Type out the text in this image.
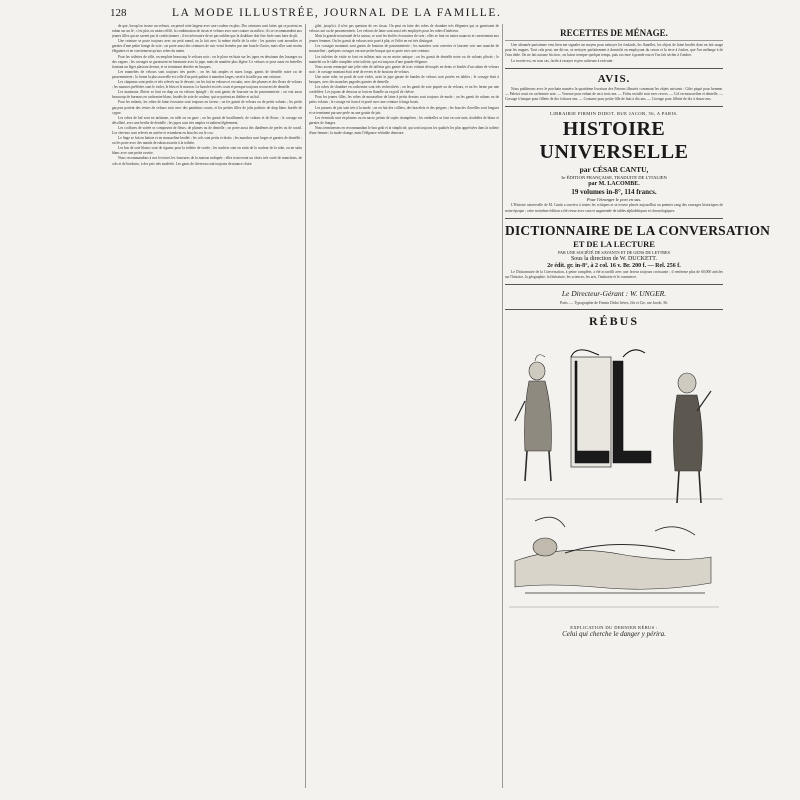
128	LA MODE ILLUSTRÉE, JOURNAL DE LA FAMILLE.

de que, lorsqu'on trouve un velours, on prend cette largeur avec une couleur en plus. Des ceintures sont faites qui se portent en ruban sur un lé ; c'est plus ou moins effilé, la combinaison de tissus et velours avec une couture au milieu ; ils se recommandent aux jeunes filles qui ne savent pas le confectionner ; il est nécessaire de ne pas oublier que la doublure doit être fixée sans faire de pli.

Une ceinture se porte toujours avec un petit nœud, on la fait avec la même étoffe de la robe ; les pointes sont arrondies et garnies d'une petite frange de soie ; on porte aussi des ceintures de cuir verni fermées par une boucle d'acier, mais elles sont moins élégantes et ne conviennent qu'aux robes du matin.

Pour les toilettes de ville, on emploie beaucoup le velours noir ; on le place en biais sur les jupes en dessinant des losanges ou des vagues ; les corsages se garnissent en harmonie avec la jupe, mais de manière plus légère. Le velours se pose aussi en bretelles formant un léger plastron devant, et se terminant derrière en basques.

Les mantelets de velours sont toujours très portés ; on les fait amples et assez longs, garnis de dentelle noire ou de passementerie ; la forme la plus nouvelle est celle d'un petit paletot à manches larges, serré à la taille par une ceinture.

Les chapeaux sont petits et très relevés sur le devant ; on les fait en velours et en satin, avec des plumes et des fleurs de velours ; les nuances préférées sont le violet, le bleu et le marron. Le bavolet est très court et presque toujours recouvert de dentelle.

Les manteaux d'hiver se font en drap ou en velours épinglé ; ils sont garnis de fourrure ou de passementerie ; on voit aussi beaucoup de burnous en cachemire blanc, brodés de soie de couleur, qui se portent au théâtre et au bal.

Pour les enfants, les robes de laine écossaise sont toujours en faveur ; on les garnit de velours ou de petits volants ; les petits garçons portent des vestes de velours noir avec des pantalons courts, et les petites filles de jolis paletots de drap blanc bordés de cygne.

Les robes de bal sont en tarlatane, en tulle ou en gaze ; on les garnit de bouillonnés, de volants et de fleurs ; le corsage est décolleté, avec une berthe de dentelle ; les jupes sont très amples et traînent légèrement.

Les coiffures de soirée se composent de fleurs, de plumes ou de dentelle ; on porte aussi des diadèmes de perles ou de corail. Les cheveux sont relevés en arrière et retombent en boucles sur le cou.

Le linge se fait en batiste et en mousseline brodée ; les cols sont petits et droits ; les manches sont larges et garnies de dentelle ; on les porte avec des nœuds de ruban assortis à la toilette.

Les bas de soie blancs sont de rigueur pour la toilette de soirée ; les souliers sont en satin de la couleur de la robe, ou en satin blanc avec une petite rosette.

Nous recommandons à nos lectrices les fourrures de la maison indiquée ; elles trouveront un choix très varié de manchons, de cols et de bordures, à des prix très modérés. Les gants de chevreau sont toujours de nuance claire.

gilet, jusqu'ici, il n'est pas question de ces tissus. On peut en faire des robes de chambre très élégantes qui se garnissent de velours uni ou de passementerie. Les velours de laine sont aussi très employés pour les robes d'intérieur.

Mais la grande nouveauté de la saison, ce sont les étoffes écossaises de soie ; elles se font en toutes nuances et conviennent aux jeunes femmes. On les garnit de velours noir posé à plat, et l'effet en est très distingué.

Les corsages montants sont garnis de boutons de passementerie ; les manches sont ouvertes et laissent voir une manche de mousseline ; quelques corsages ont une petite basque qui se porte avec une ceinture.

Les toilettes de visite se font en taffetas noir ou en moire antique ; on les garnit de dentelle noire ou de volants plissés ; le mantelet ou le châle complète cette toilette, qui est toujours d'une grande élégance.

Nous avons remarqué une jolie robe de taffetas gris garnie de trois volants découpés en dents et bordés d'un ruban de velours noir ; le corsage montant était orné de revers et de boutons de velours.

Une autre robe, en poult de soie violet, avait la jupe garnie de bandes de velours noir posées en tablier ; le corsage était à basques, avec des manches pagodes garnies de dentelle.

Les robes de chambre en cachemire sont très recherchées ; on les garnit de soie piquée ou de velours, et on les ferme par une cordelière. Les jupons de dessous se font en flanelle ou en poil de chèvre.

Pour les jeunes filles, les robes de mousseline de laine à petits dessins sont toujours de mode ; on les garnit de rubans ou de petits volants ; le corsage est froncé et porté avec une ceinture à longs bouts.

Les parures de jais sont très à la mode ; on en fait des colliers, des bracelets et des peignes ; les boucles d'oreilles sont longues et se terminent par une perle ou une goutte de jais.

Les éventails sont en plumes ou en nacre, peints de sujets champêtres ; les ombrelles se font en soie unie, doublées de blanc et garnies de franges.

Nous terminerons en recommandant le bon goût et la simplicité, qui sont toujours les qualités les plus appréciées dans la toilette d'une femme ; la mode change, mais l'élégance véritable demeure.

RECETTES DE MÉNAGE.

Une abonnée parisienne veut bien me signaler un moyen pour nettoyer les foulards, les flanelles, les objets de laine brodés dont on fait usage pour les nappes. Tout cela peut, me dit-on, se nettoyer parfaitement à domicile en employant du savon et la terre à foulon, que l'on mélange à de l'eau tiède. On ne fait aucune friction ; on laisse tremper quelque temps, puis on rince à grande eau et l'on fait sécher à l'ombre.

La recette est, en tous cas, facile à essayer et peu coûteuse à exécuter.

AVIS.

Nous publierons avec le prochain numéro la quatrième livraison des Patrons illustrés contenant les objets suivants : Gilet piqué pour homme. — Paletot court en cachemire noir. — Vareuse pour enfant de un à trois ans. — Fichu en tulle noir avec revers. — Col en mousseline et dentelle. — Corsage à basque pour fillette de dix à douze ans. — Costume pour petite fille de huit à dix ans. — Corsage pour fillette de dix à douze ans.

LIBRAIRIE FIRMIN DIDOT, RUE JACOB, 56, A PARIS.
HISTOIRE UNIVERSELLE
par CÉSAR CANTU,
3e ÉDITION FRANÇAISE, TRADUITE DE L'ITALIEN
par M. LACOMBE.
19 volumes in-8°, 114 francs.
Pour l'étranger le port en sus.

L'Histoire universelle de M. Cantù a survécu à toutes les critiques et se trouve placée aujourd'hui au premier rang des ouvrages historiques de notre époque ; cette troisième édition a été revue avec soin et augmentée de tables alphabétiques et chronologiques.

DICTIONNAIRE DE LA CONVERSATION
ET DE LA LECTURE
PAR UNE SOCIÉTÉ DE SAVANTS ET DE GENS DE LETTRES
Sous la direction de W. DUCKETT.
2e édit. gr. in-8°, à 2 col. 16 v. Br. 200 f. — Rel. 256 f.

Le Dictionnaire de la Conversation, à peine complète, a été accueilli avec une faveur toujours croissante ; il renferme plus de 60,000 articles sur l'histoire, la géographie, la littérature, les sciences, les arts, l'industrie et le commerce.

Le Directeur-Gérant : W. UNGER.
Paris. — Typographie de Firmin Didot frères, fils et Cie, rue Jacob, 56.
RÉBUS
EXPLICATION DU DERNIER RÉBUS :
Celui qui cherche le danger y périra.
